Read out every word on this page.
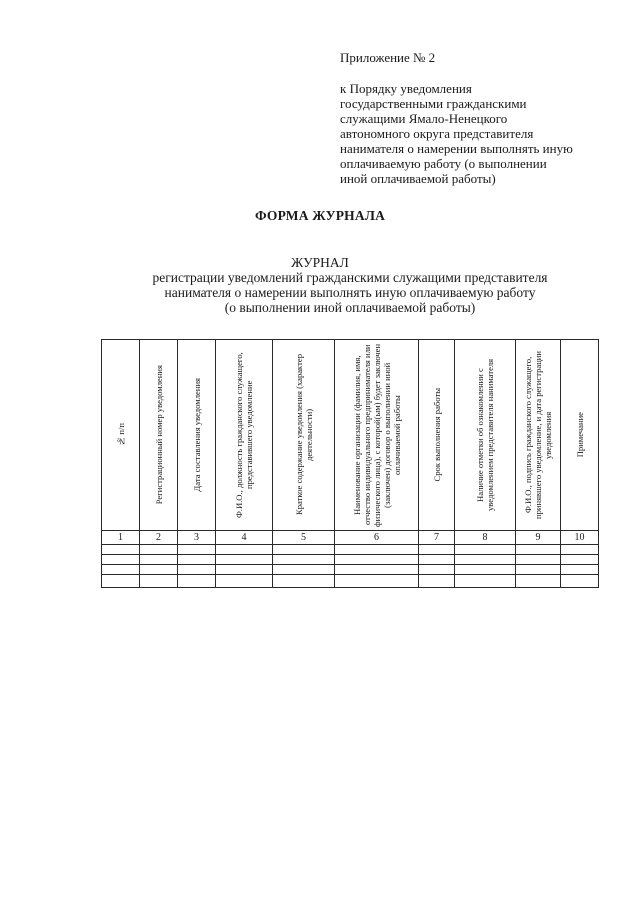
Приложение № 2
к Порядку уведомления
государственными гражданскими
служащими Ямало-Ненецкого
автономного округа представителя
нанимателя о намерении выполнять иную
оплачиваемую работу (о выполнении
иной оплачиваемой работы)
ФОРМА ЖУРНАЛА
ЖУРНАЛ
регистрации уведомлений гражданскими служащими представителя
нанимателя о намерении выполнять иную оплачиваемую работу
(о выполнении иной оплачиваемой работы)
№ п/п	Регистрационный номер уведомления	Дата составления уведомления	Ф.И.О., должность гражданского служащего, представившего уведомление	Краткое содержание уведомления (характер деятельности)	Наименование организации (фамилия, имя, отчество индивидуального предпринимателя или физического лица), с которой(ым) будет заключен (заключен) договор о выполнении иной оплачиваемой работы	Срок выполнения работы	Наличие отметки об ознакомлении с уведомлением представителя нанимателя	Ф.И.О., подпись гражданского служащего, принявшего уведомление, и дата регистрации уведомления	Примечание

1	2	3	4	5	6	7	8	9	10
